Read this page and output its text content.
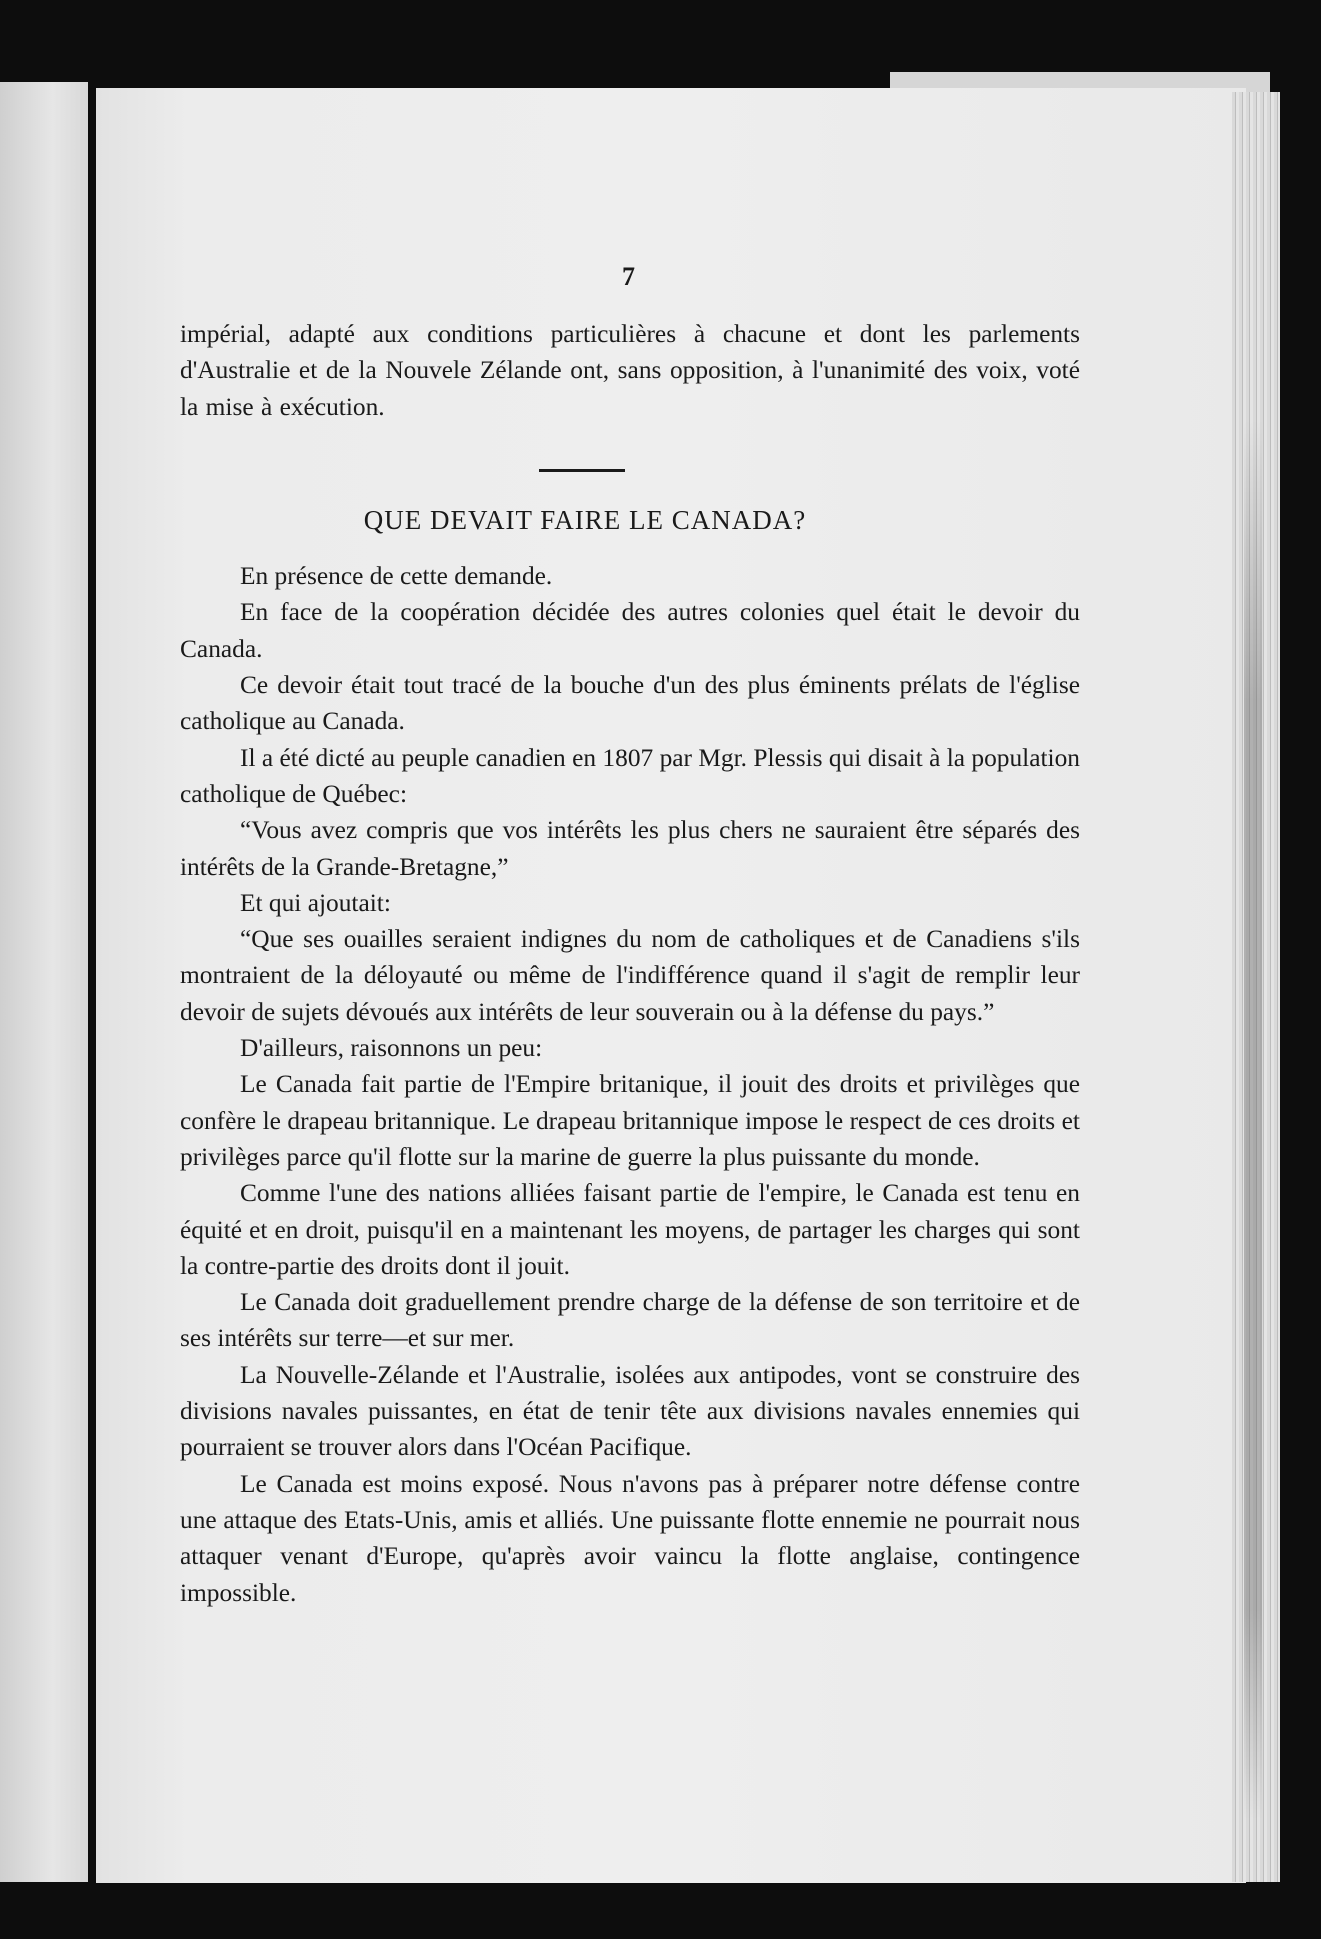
7

impérial, adapté aux conditions particulières à chacune et dont les parlements d'Australie et de la Nouvele Zélande ont, sans opposition, à l'unanimité des voix, voté la mise à exécution.

QUE DEVAIT FAIRE LE CANADA?

En présence de cette demande.

En face de la coopération décidée des autres colonies quel était le devoir du Canada.

Ce devoir était tout tracé de la bouche d'un des plus éminents prélats de l'église catholique au Canada.

Il a été dicté au peuple canadien en 1807 par Mgr. Plessis qui disait à la population catholique de Québec:

“Vous avez compris que vos intérêts les plus chers ne sauraient être séparés des intérêts de la Grande-Bretagne,”

Et qui ajoutait:

“Que ses ouailles seraient indignes du nom de catholiques et de Canadiens s'ils montraient de la déloyauté ou même de l'indifférence quand il s'agit de remplir leur devoir de sujets dévoués aux intérêts de leur souverain ou à la défense du pays.”

D'ailleurs, raisonnons un peu:

Le Canada fait partie de l'Empire britanique, il jouit des droits et privilèges que confère le drapeau britannique. Le drapeau britannique impose le respect de ces droits et privilèges parce qu'il flotte sur la marine de guerre la plus puissante du monde.

Comme l'une des nations alliées faisant partie de l'empire, le Canada est tenu en équité et en droit, puisqu'il en a maintenant les moyens, de partager les charges qui sont la contre-partie des droits dont il jouit.

Le Canada doit graduellement prendre charge de la défense de son territoire et de ses intérêts sur terre—et sur mer.

La Nouvelle-Zélande et l'Australie, isolées aux antipodes, vont se construire des divisions navales puissantes, en état de tenir tête aux divisions navales ennemies qui pourraient se trouver alors dans l'Océan Pacifique.

Le Canada est moins exposé. Nous n'avons pas à préparer notre défense contre une attaque des Etats-Unis, amis et alliés. Une puissante flotte ennemie ne pourrait nous attaquer venant d'Europe, qu'après avoir vaincu la flotte anglaise, contingence impossible.
